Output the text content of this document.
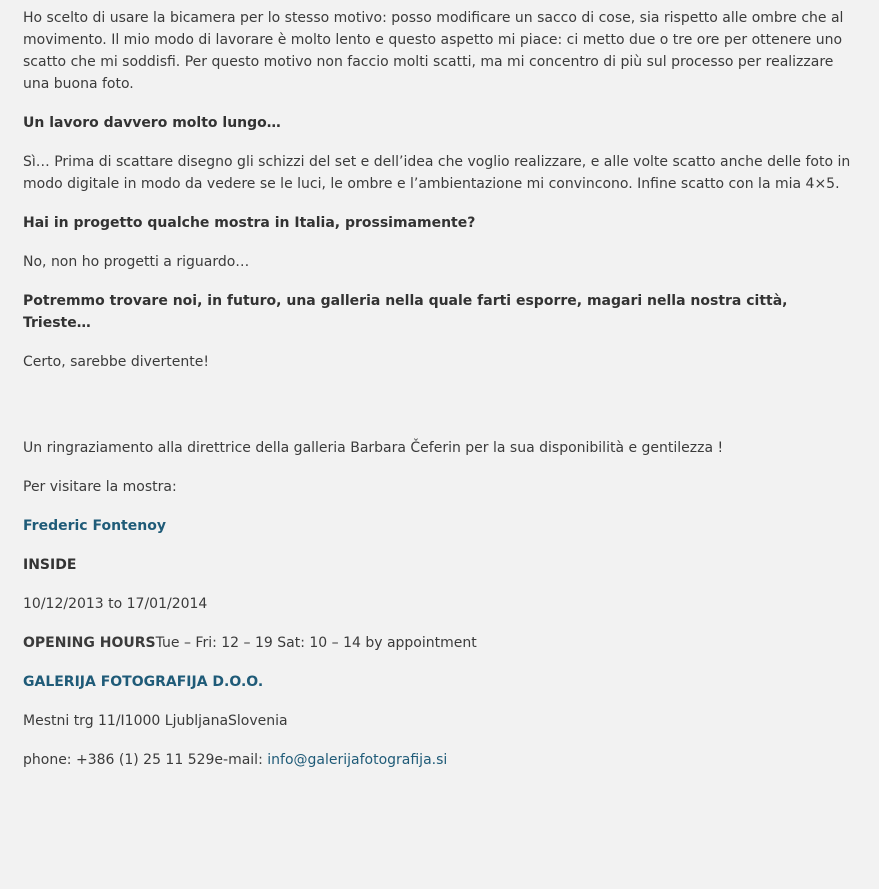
Ho scelto di usare la bicamera per lo stesso motivo: posso modificare un sacco di cose, sia rispetto alle ombre che al movimento. Il mio modo di lavorare è molto lento e questo aspetto mi piace: ci metto due o tre ore per ottenere uno scatto che mi soddisfi. Per questo motivo non faccio molti scatti, ma mi concentro di più sul processo per realizzare una buona foto.

Un lavoro davvero molto lungo…

Sì… Prima di scattare disegno gli schizzi del set e dell’idea che voglio realizzare, e alle volte scatto anche delle foto in modo digitale in modo da vedere se le luci, le ombre e l’ambientazione mi convincono. Infine scatto con la mia 4×5.

Hai in progetto qualche mostra in Italia, prossimamente?

No, non ho progetti a riguardo…

Potremmo trovare noi, in futuro, una galleria nella quale farti esporre, magari nella nostra città, Trieste…

Certo, sarebbe divertente!

Un ringraziamento alla direttrice della galleria Barbara Čeferin per la sua disponibilità e gentilezza !

Per visitare la mostra:

Frederic Fontenoy

INSIDE

10/12/2013 to 17/01/2014

OPENING HOURSTue – Fri: 12 – 19 Sat: 10 – 14 by appointment

GALERIJA FOTOGRAFIJA D.O.O.

Mestni trg 11/I1000 LjubljanaSlovenia

phone: +386 (1) 25 11 529e-mail: info@galerijafotografija.si
